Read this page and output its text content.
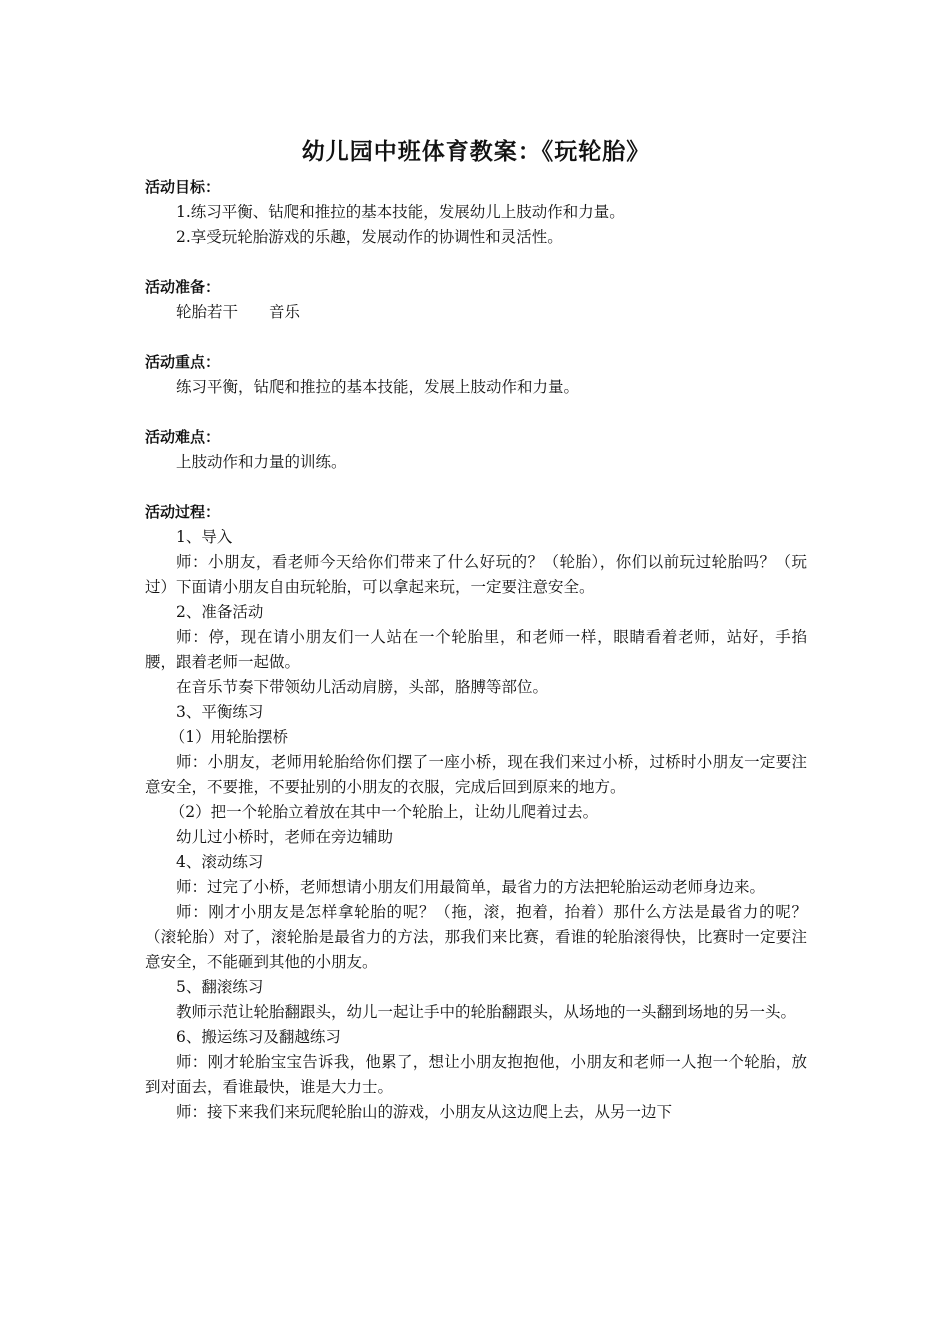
幼儿园中班体育教案：《玩轮胎》

活动目标：

1.练习平衡、钻爬和推拉的基本技能，发展幼儿上肢动作和力量。

2.享受玩轮胎游戏的乐趣，发展动作的协调性和灵活性。

活动准备：

轮胎若干　　音乐

活动重点：

练习平衡，钻爬和推拉的基本技能，发展上肢动作和力量。

活动难点：

上肢动作和力量的训练。

活动过程：

1、导入

师：小朋友，看老师今天给你们带来了什么好玩的？（轮胎），你们以前玩过轮胎吗？（玩过）下面请小朋友自由玩轮胎，可以拿起来玩，一定要注意安全。

2、准备活动

师：停，现在请小朋友们一人站在一个轮胎里，和老师一样，眼睛看着老师，站好，手掐腰，跟着老师一起做。

在音乐节奏下带领幼儿活动肩膀，头部，胳膊等部位。

3、平衡练习

（1）用轮胎摆桥

师：小朋友，老师用轮胎给你们摆了一座小桥，现在我们来过小桥，过桥时小朋友一定要注意安全，不要推，不要扯别的小朋友的衣服，完成后回到原来的地方。

（2）把一个轮胎立着放在其中一个轮胎上，让幼儿爬着过去。

幼儿过小桥时，老师在旁边辅助

4、滚动练习

师：过完了小桥，老师想请小朋友们用最简单，最省力的方法把轮胎运动老师身边来。

师：刚才小朋友是怎样拿轮胎的呢？（拖，滚，抱着，抬着）那什么方法是最省力的呢？（滚轮胎）对了，滚轮胎是最省力的方法，那我们来比赛，看谁的轮胎滚得快，比赛时一定要注意安全，不能砸到其他的小朋友。

5、翻滚练习

教师示范让轮胎翻跟头，幼儿一起让手中的轮胎翻跟头，从场地的一头翻到场地的另一头。

6、搬运练习及翻越练习

师：刚才轮胎宝宝告诉我，他累了，想让小朋友抱抱他，小朋友和老师一人抱一个轮胎，放到对面去，看谁最快，谁是大力士。

师：接下来我们来玩爬轮胎山的游戏，小朋友从这边爬上去，从另一边下
